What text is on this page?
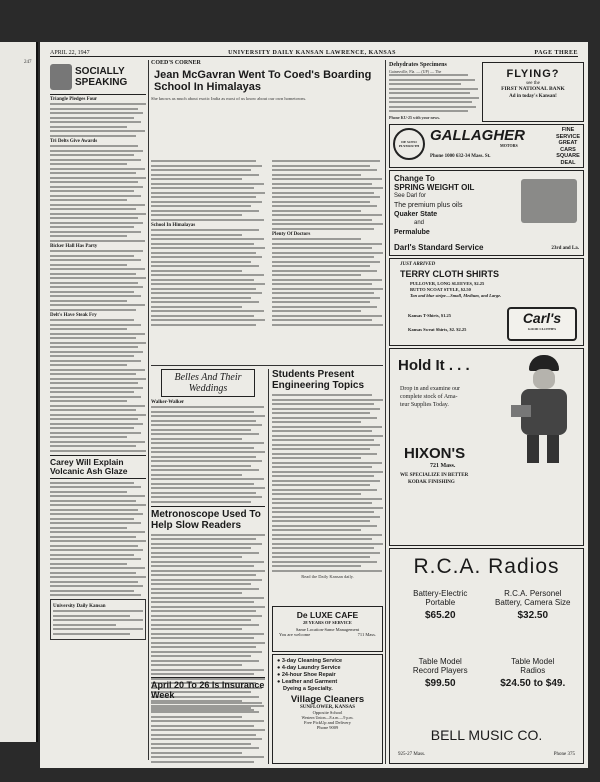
247
APRIL 22, 1947	UNIVERSITY DAILY KANSAN LAWRENCE, KANSAS	PAGE THREE
SOCIALLY
SPEAKING
Triangle Pledges Four
Tri Delts Give Awards
Bicker Hall Has Party
Delt's Have Steak Fry
Carey Will Explain Volcanic Ash Glaze
University Daily Kansan
COED'S CORNER
Jean McGavran Went To Coed's Boarding School In Himalayas
She knows as much about exotic India as most of us know about our own hometowns.
School In Himalayas
Plenty Of Doctors
Belles And Their Weddings
Walker-Walker
Metronoscope Used To Help Slow Readers
Students Present Engineering Topics
Read the Daily Kansan daily.
April 20 To 26 Is Insurance Week
De LUXE CAFE
28 YEARS OF SERVICE
Same Location-Same Management
You are welcome	711 Mass.
● 3-day Cleaning Service
● 4-day Laundry Service
● 24-hour Shoe Repair
● Leather and Garment
Dyeing a Specialty.
Village Cleaners
SUNFLOWER, KANSAS
Opposite School
Western Union—8 a.m.—9 p.m.
Free PickUp and Delivery
Phone 9009
Dehydrates Specimens
Gainesville, Fla. — (UP) — The
Phone KU-25 with your news.
FLYING?
see the
FIRST NATIONAL BANK
Ad in today's Kansan!
DE SOTO PLYMOUTH
GALLAGHER
MOTORS
Phone 1000 632-34 Mass. St.
FINE
SERVICE
GREAT
CARS
SQUARE
DEAL
Change To
SPRING WEIGHT OIL
See Darl for
The premium plus oils
Quaker State
and
Permalube
Darl's Standard Service	23rd and La.
JUST ARRIVED
TERRY CLOTH SHIRTS
PULLOVER, LONG SLEEVES, $2.25
BUTTO NCOAT STYLE, $2.50
Tan and blue stripe—Small, Medium, and Large.
Kansas T-Shirts, $1.25
Kansas Sweat Shirts, $2. $2.25
Carl's
GOOD CLOTHES
Hold It . . .
Drop in and examine our
complete stock of Ama-
teur Supplies Today.
HIXON'S
721 Mass.
WE SPECIALIZE IN BETTER
KODAK FINISHING
R.C.A. Radios
Battery-Electric
Portable
$65.20
R.C.A. Personel
Battery, Camera Size
$32.50
Table Model
Record Players
$99.50
Table Model
Radios
$24.50 to $49.
BELL MUSIC CO.
925-27 Mass.	Phone 375
